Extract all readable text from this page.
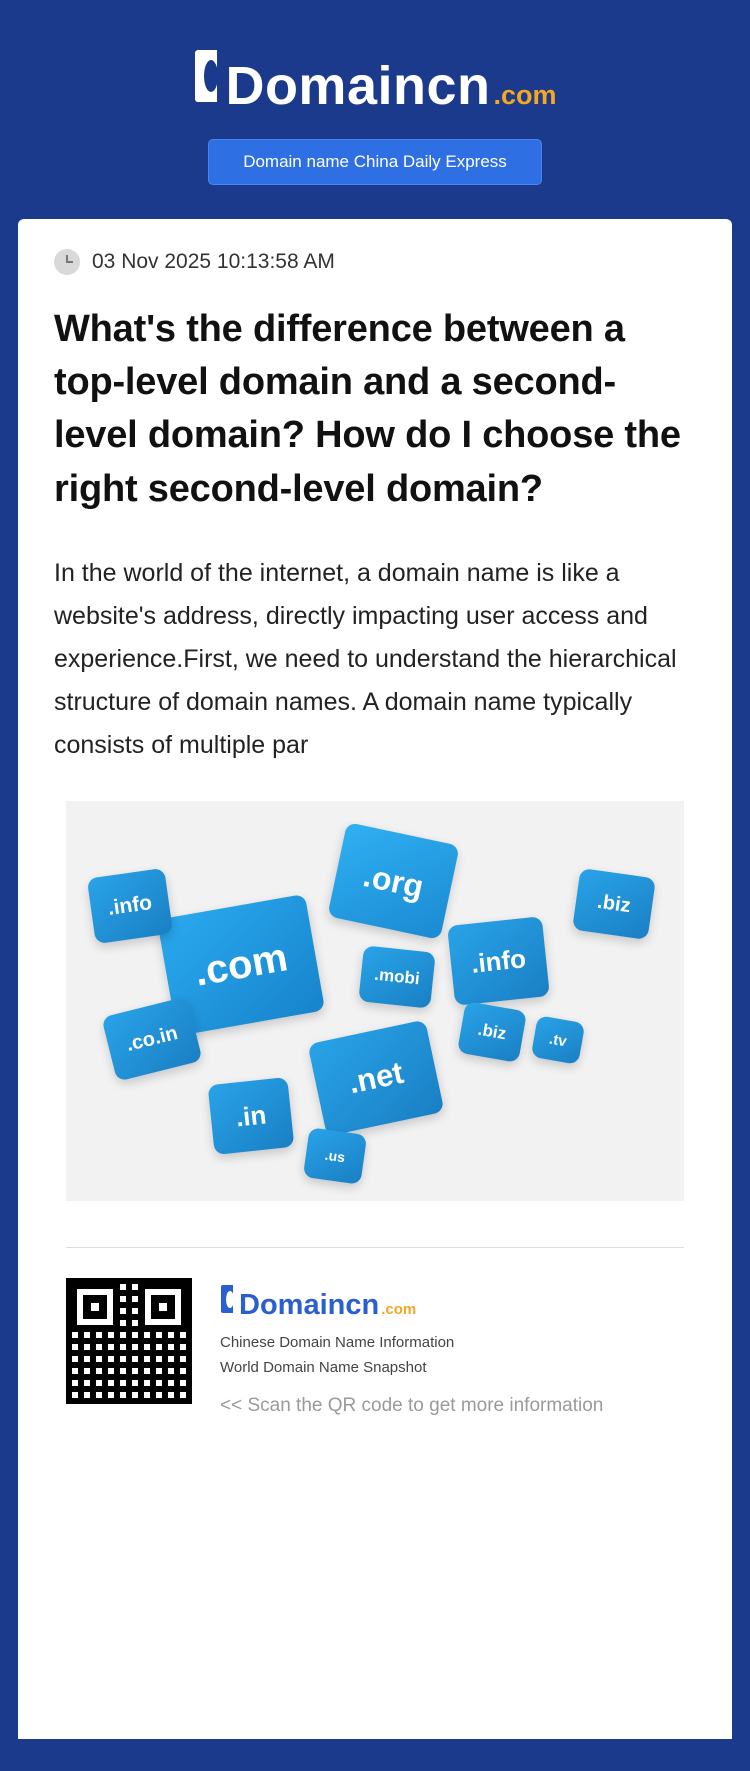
Domaincn .com
Domain name China Daily Express
03 Nov 2025 10:13:58 AM
What's the difference between a top-level domain and a second-level domain? How do I choose the right second-level domain?

In the world of the internet, a domain name is like a website's address, directly impacting user access and experience.First, we need to understand the hierarchical structure of domain names. A domain name typically consists of multiple par

.com
.org
.info	.biz
.info
.mobi
.co.in
.net
.biz	.tv
.in
.us
Domaincn .com
Chinese Domain Name Information
World Domain Name Snapshot
<< Scan the QR code to get more information
